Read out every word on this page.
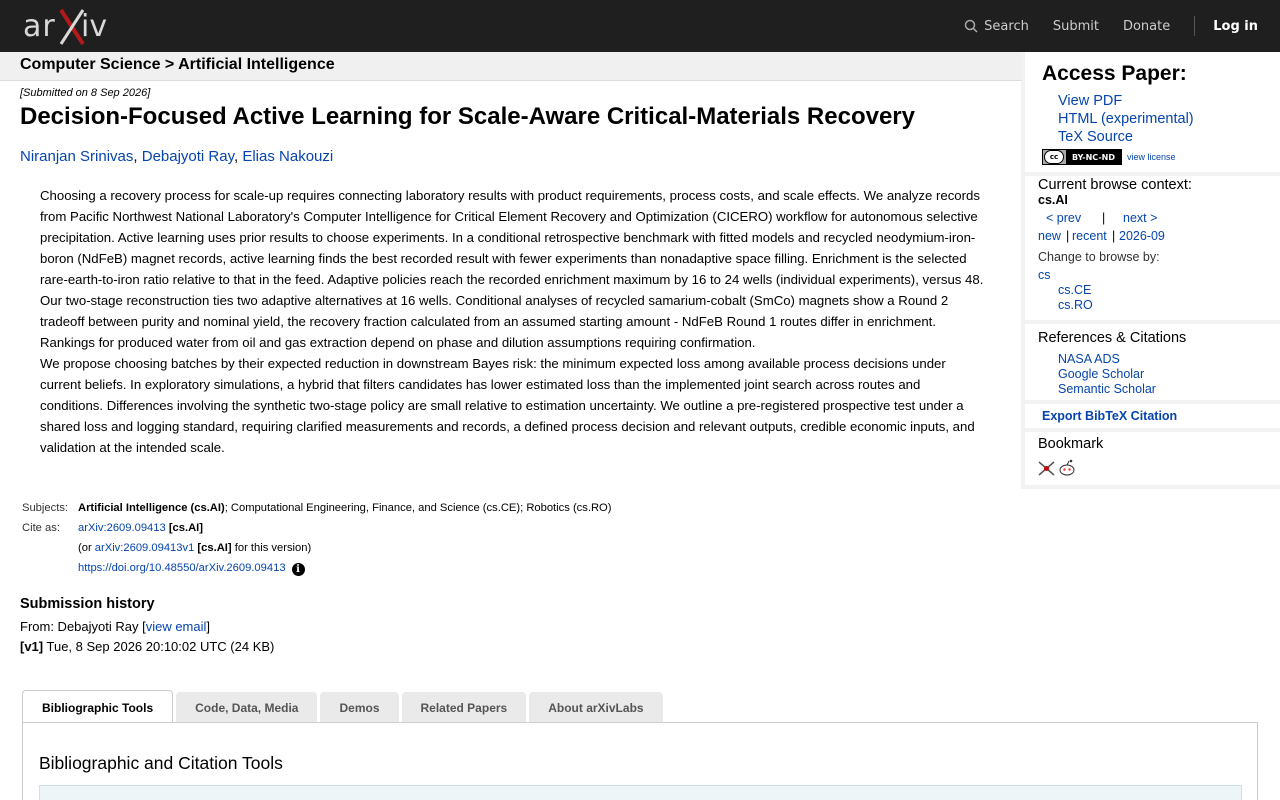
ar iv	Search Submit Donate	Log in
Computer Science > Artificial Intelligence
[Submitted on 8 Sep 2026]
Decision-Focused Active Learning for Scale-Aware Critical-Materials Recovery
Niranjan Srinivas, Debajyoti Ray, Elias Nakouzi

Choosing a recovery process for scale-up requires connecting laboratory results with product requirements, process costs, and scale effects. We analyze records from Pacific Northwest National Laboratory's Computer Intelligence for Critical Element Recovery and Optimization (CICERO) workflow for autonomous selective precipitation. Active learning uses prior results to choose experiments. In a conditional retrospective benchmark with fitted models and recycled neodymium-iron-boron (NdFeB) magnet records, active learning finds the best recorded result with fewer experiments than nonadaptive space filling. Enrichment is the selected rare-earth-to-iron ratio relative to that in the feed. Adaptive policies reach the recorded enrichment maximum by 16 to 24 wells (individual experiments), versus 48. Our two-stage reconstruction ties two adaptive alternatives at 16 wells. Conditional analyses of recycled samarium-cobalt (SmCo) magnets show a Round 2 tradeoff between purity and nominal yield, the recovery fraction calculated from an assumed starting amount - NdFeB Round 1 routes differ in enrichment. Rankings for produced water from oil and gas extraction depend on phase and dilution assumptions requiring confirmation.

We propose choosing batches by their expected reduction in downstream Bayes risk: the minimum expected loss among available process decisions under current beliefs. In exploratory simulations, a hybrid that filters candidates has lower estimated loss than the implemented joint search across routes and conditions. Differences involving the synthetic two-stage policy are small relative to estimation uncertainty. We outline a pre-registered prospective test under a shared loss and logging standard, requiring clarified measurements and records, a defined process decision and relevant outputs, credible economic inputs, and validation at the intended scale.

Subjects:	Artificial Intelligence (cs.AI); Computational Engineering, Finance, and Science (cs.CE); Robotics (cs.RO)
Cite as:	arXiv:2609.09413 [cs.AI]
	(or arXiv:2609.09413v1 [cs.AI] for this version)
	https://doi.org/10.48550/arXiv.2609.09413 i
Submission history
From: Debajyoti Ray [view email]
[v1] Tue, 8 Sep 2026 20:10:02 UTC (24 KB)
Bibliographic Tools	Code, Data, Media	Demos	Related Papers	About arXivLabs
Bibliographic and Citation Tools
Access Paper:
View PDF
HTML (experimental)
TeX Source
cc	BY-NC-ND	view license
Current browse context:
cs.AI
< prev | next >
new | recent | 2026-09
Change to browse by:
cs
cs.CE
cs.RO
References & Citations
NASA ADS
Google Scholar
Semantic Scholar
Export BibTeX Citation
Bookmark
